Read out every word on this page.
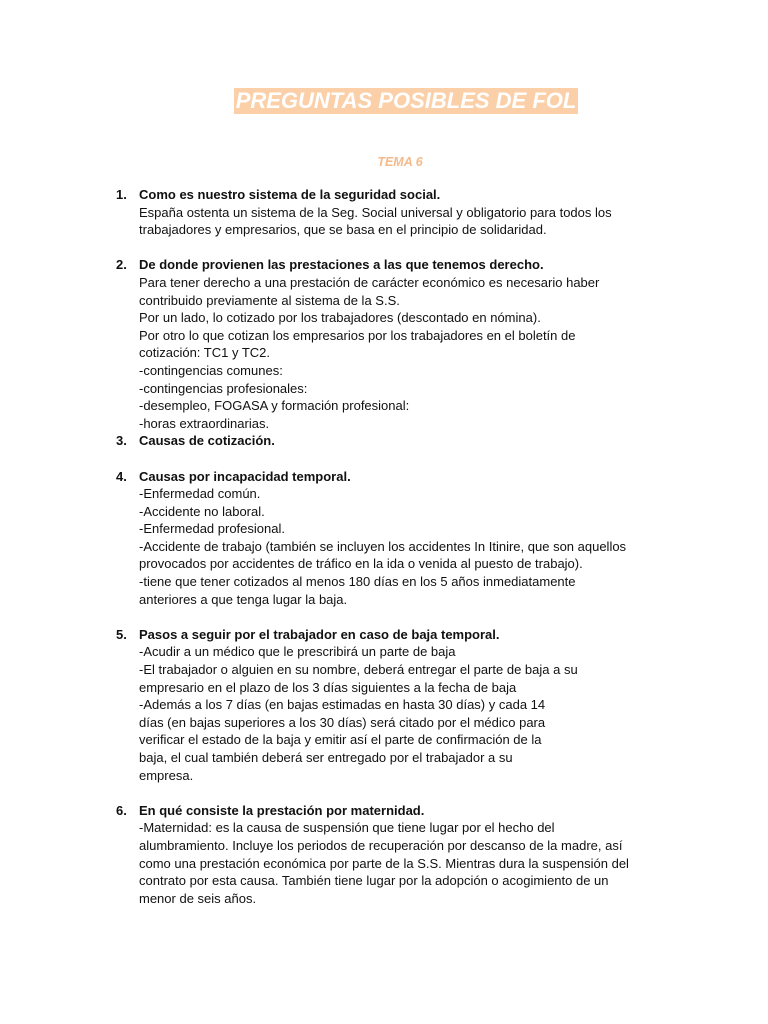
PREGUNTAS POSIBLES DE FOL
TEMA 6
1. Como es nuestro sistema de la seguridad social.
España ostenta un sistema de la Seg. Social universal y obligatorio para todos los
trabajadores y empresarios, que se basa en el principio de solidaridad.
2. De donde provienen las prestaciones a las que tenemos derecho.
Para tener derecho a una prestación de carácter económico es necesario haber
contribuido previamente al sistema de la S.S.
Por un lado, lo cotizado por los trabajadores (descontado en nómina).
Por otro lo que cotizan los empresarios por los trabajadores en el boletín de
cotización: TC1 y TC2.
-contingencias comunes:
-contingencias profesionales:
-desempleo, FOGASA y formación profesional:
-horas extraordinarias.
3. Causas de cotización.
4. Causas por incapacidad temporal.
-Enfermedad común.
-Accidente no laboral.
-Enfermedad profesional.
-Accidente de trabajo (también se incluyen los accidentes In Itinire, que son aquellos
provocados por accidentes de tráfico en la ida o venida al puesto de trabajo).
-tiene que tener cotizados al menos 180 días en los 5 años inmediatamente
anteriores a que tenga lugar la baja.
5. Pasos a seguir por el trabajador en caso de baja temporal.
-Acudir a un médico que le prescribirá un parte de baja
-El trabajador o alguien en su nombre, deberá entregar el parte de baja a su
empresario en el plazo de los 3 días siguientes a la fecha de baja
-Además a los 7 días (en bajas estimadas en hasta 30 días) y cada 14
días (en bajas superiores a los 30 días) será citado por el médico para
verificar el estado de la baja y emitir así el parte de confirmación de la
baja, el cual también deberá ser entregado por el trabajador a su
empresa.
6. En qué consiste la prestación por maternidad.
-Maternidad: es la causa de suspensión que tiene lugar por el hecho del
alumbramiento. Incluye los periodos de recuperación por descanso de la madre, así
como una prestación económica por parte de la S.S. Mientras dura la suspensión del
contrato por esta causa. También tiene lugar por la adopción o acogimiento de un
menor de seis años.
